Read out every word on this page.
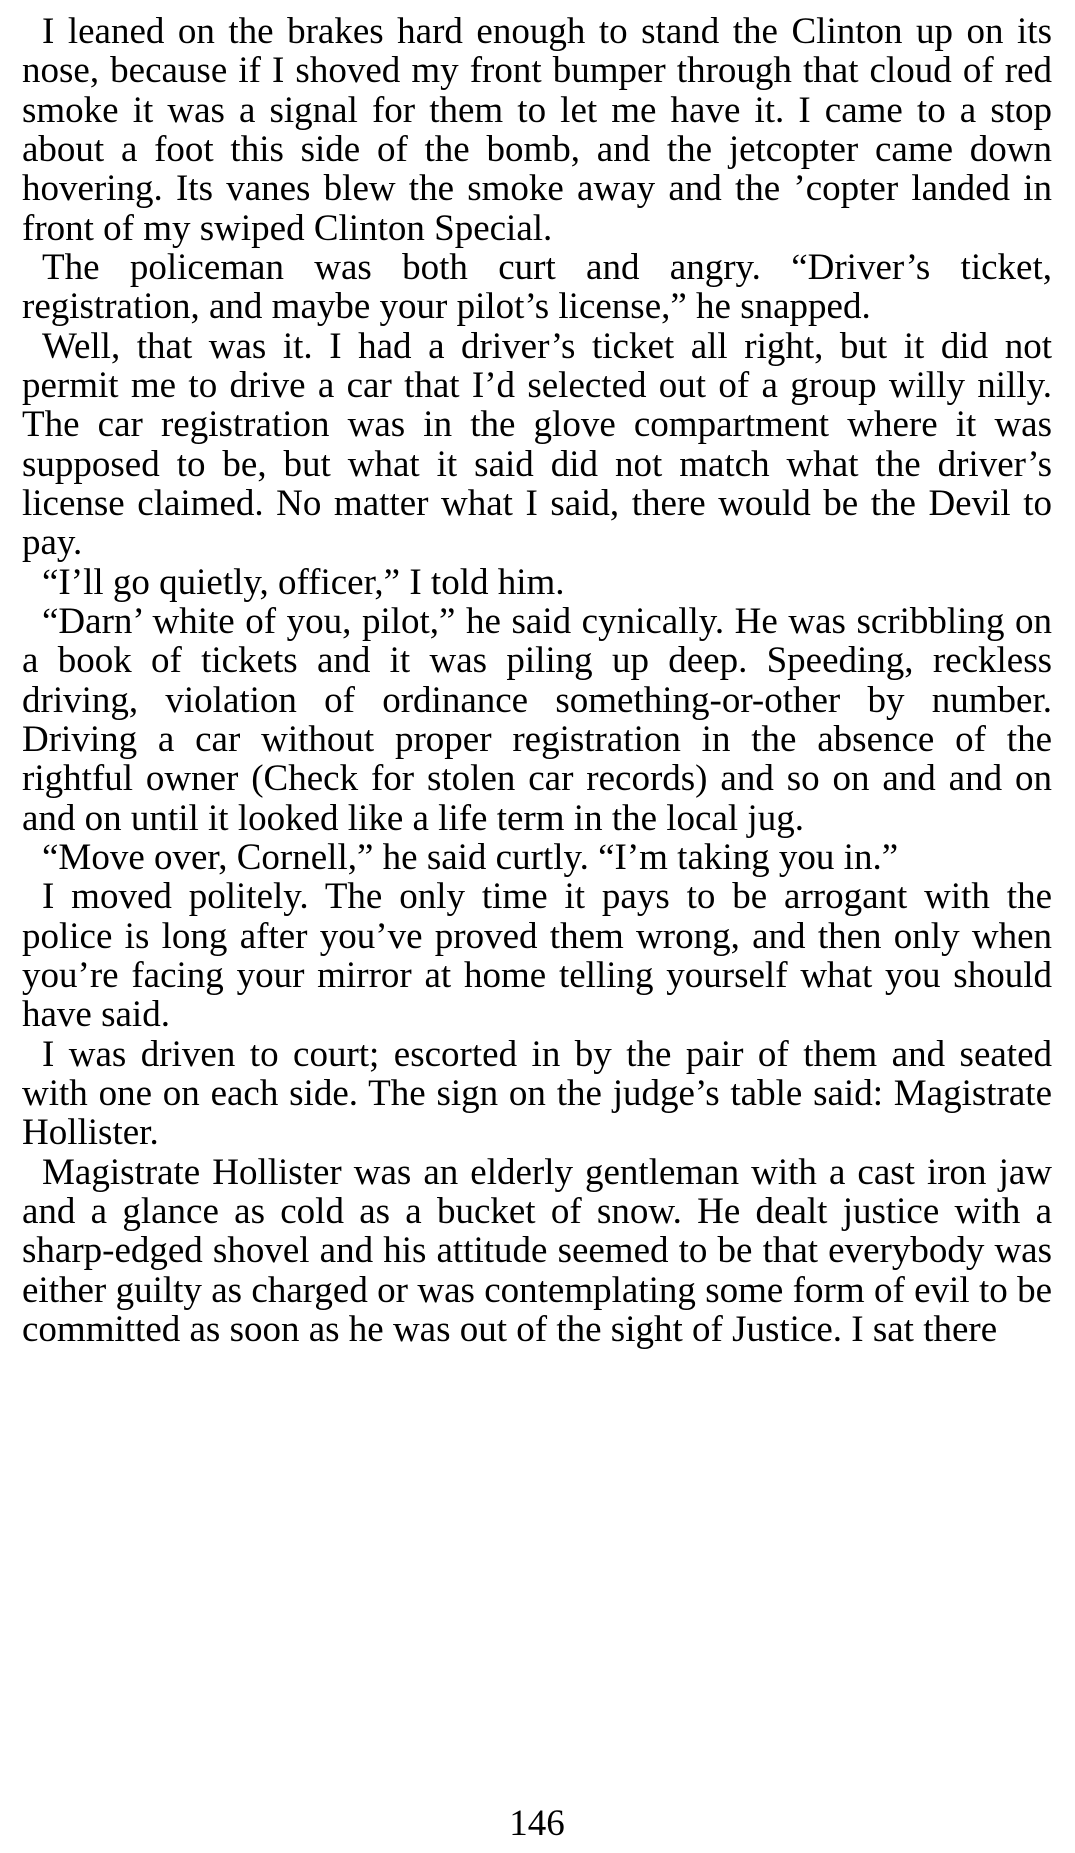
I leaned on the brakes hard enough to stand the Clinton up on its nose, because if I shoved my front bumper through that cloud of red smoke it was a signal for them to let me have it. I came to a stop about a foot this side of the bomb, and the jetcopter came down hovering. Its vanes blew the smoke away and the ’copter landed in front of my swiped Clinton Special.

The policeman was both curt and angry. “Driver’s ticket, registration, and maybe your pilot’s license,” he snapped.

Well, that was it. I had a driver’s ticket all right, but it did not permit me to drive a car that I’d selected out of a group willy nilly. The car registration was in the glove compartment where it was supposed to be, but what it said did not match what the driver’s license claimed. No matter what I said, there would be the Devil to pay.

“I’ll go quietly, officer,” I told him.

“Darn’ white of you, pilot,” he said cynically. He was scribbling on a book of tickets and it was piling up deep. Speeding, reckless driving, violation of ordinance something-or-other by number. Driving a car without proper registration in the absence of the rightful owner (Check for stolen car records) and so on and and on and on until it looked like a life term in the local jug.

“Move over, Cornell,” he said curtly. “I’m taking you in.”

I moved politely. The only time it pays to be arrogant with the police is long after you’ve proved them wrong, and then only when you’re facing your mirror at home telling yourself what you should have said.

I was driven to court; escorted in by the pair of them and seated with one on each side. The sign on the judge’s table said: Magistrate Hollister.

Magistrate Hollister was an elderly gentleman with a cast iron jaw and a glance as cold as a bucket of snow. He dealt justice with a sharp-edged shovel and his attitude seemed to be that everybody was either guilty as charged or was contemplating some form of evil to be committed as soon as he was out of the sight of Justice. I sat there

146
